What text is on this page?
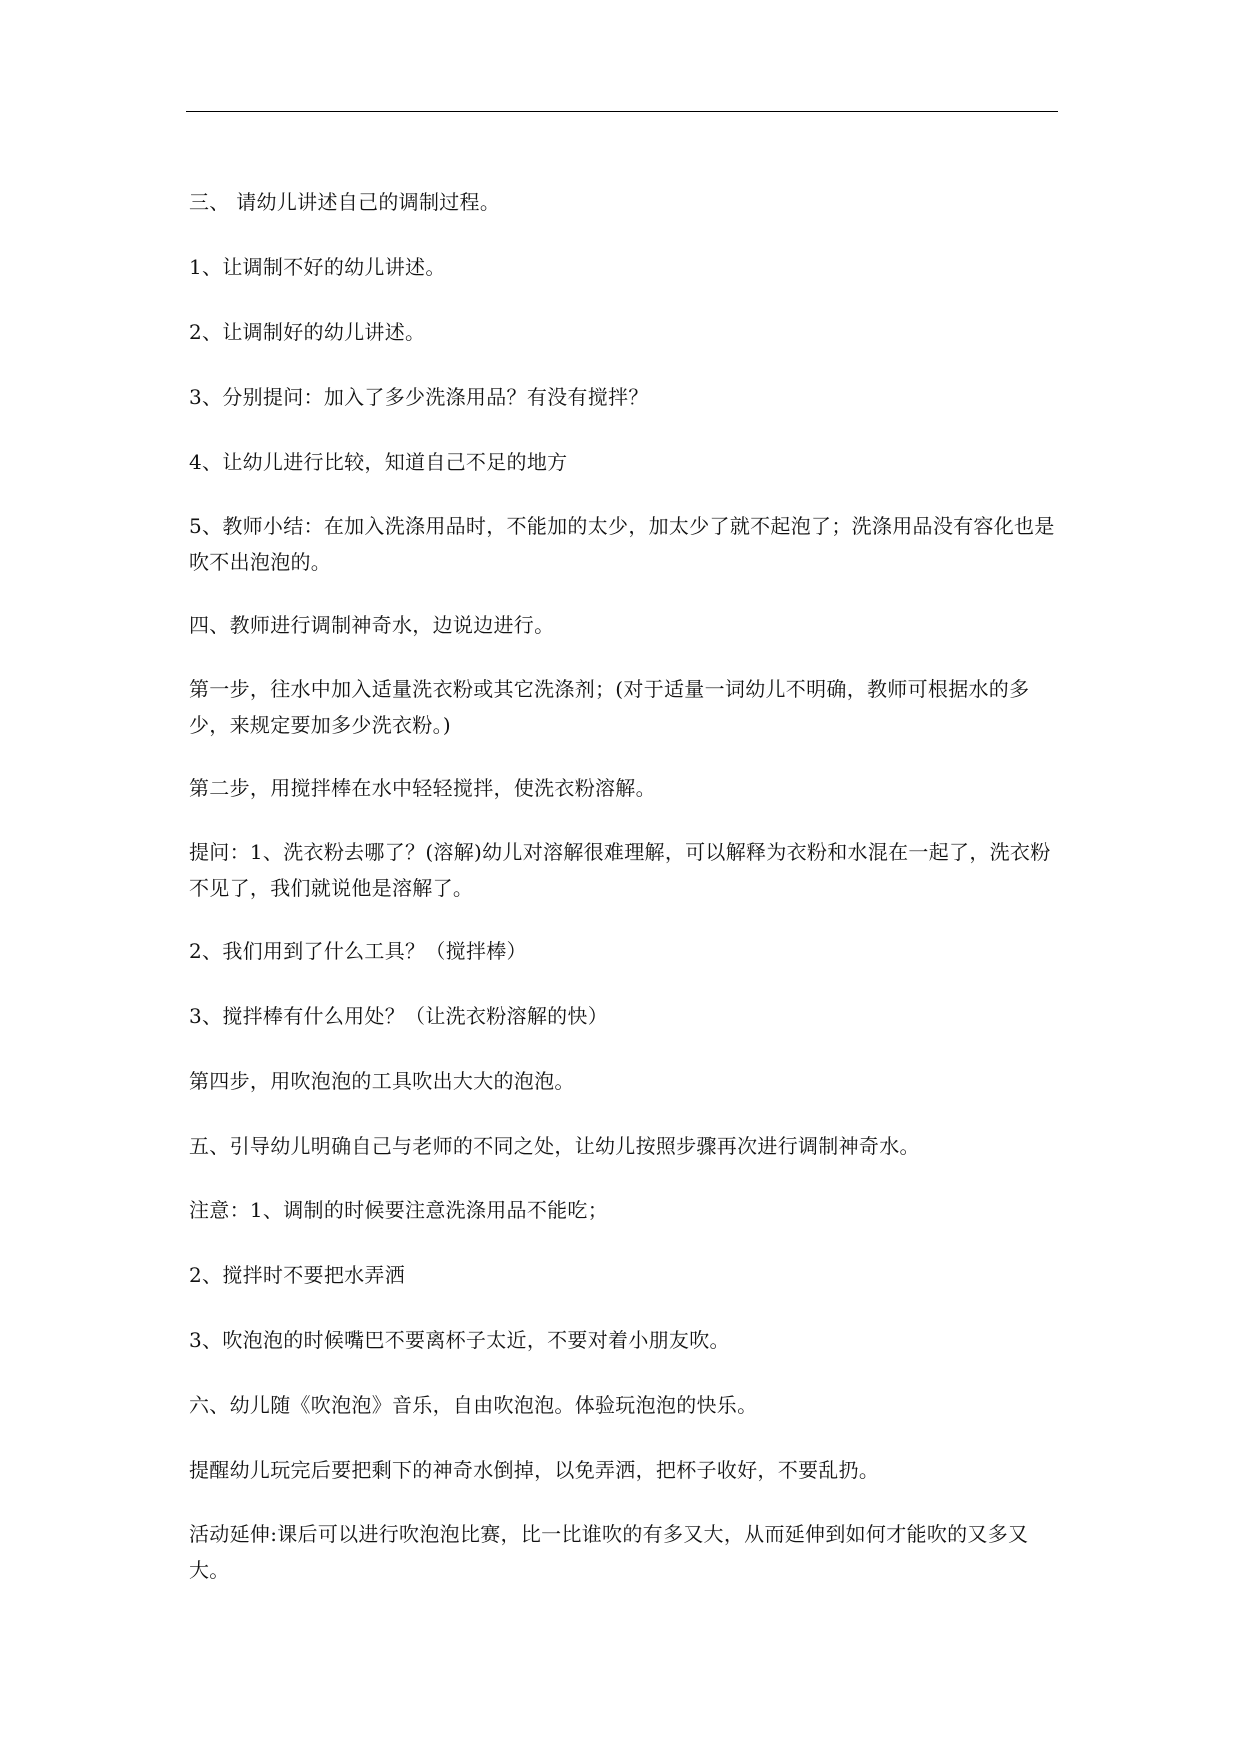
三、 请幼儿讲述自己的调制过程。

1、让调制不好的幼儿讲述。

2、让调制好的幼儿讲述。

3、分别提问：加入了多少洗涤用品？有没有搅拌？

4、让幼儿进行比较，知道自己不足的地方

5、教师小结：在加入洗涤用品时，不能加的太少，加太少了就不起泡了；洗涤用品没有容化也是吹不出泡泡的。

四、教师进行调制神奇水，边说边进行。

第一步，往水中加入适量洗衣粉或其它洗涤剂；(对于适量一词幼儿不明确，教师可根据水的多少，来规定要加多少洗衣粉。)

第二步，用搅拌棒在水中轻轻搅拌，使洗衣粉溶解。

提问：1、洗衣粉去哪了？(溶解)幼儿对溶解很难理解，可以解释为衣粉和水混在一起了，洗衣粉不见了，我们就说他是溶解了。

2、我们用到了什么工具？（搅拌棒）

3、搅拌棒有什么用处？（让洗衣粉溶解的快）

第四步，用吹泡泡的工具吹出大大的泡泡。

五、引导幼儿明确自己与老师的不同之处，让幼儿按照步骤再次进行调制神奇水。

注意：1、调制的时候要注意洗涤用品不能吃；

2、搅拌时不要把水弄洒

3、吹泡泡的时候嘴巴不要离杯子太近，不要对着小朋友吹。

六、幼儿随《吹泡泡》音乐，自由吹泡泡。体验玩泡泡的快乐。

提醒幼儿玩完后要把剩下的神奇水倒掉，以免弄洒，把杯子收好，不要乱扔。

活动延伸:课后可以进行吹泡泡比赛，比一比谁吹的有多又大，从而延伸到如何才能吹的又多又大。
